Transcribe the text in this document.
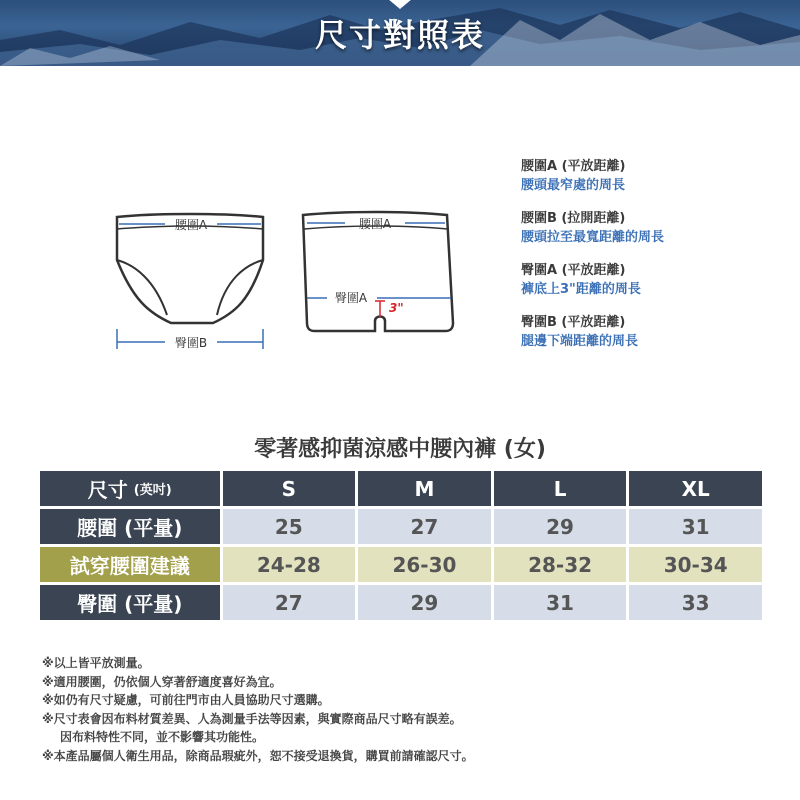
尺寸對照表
腰圍A
臀圍B
腰圍A
臀圍A
3"
腰圍A (平放距離)
腰頭最窄處的周長
腰圍B (拉開距離)
腰頭拉至最寬距離的周長
臀圍A (平放距離)
褲底上3"距離的周長
臀圍B (平放距離)
腿邊下端距離的周長
零著感抑菌涼感中腰內褲 (女)
尺寸 (英吋)	S	M	L	XL
腰圍 (平量)	25	27	29	31
試穿腰圍建議	24-28	26-30	28-32	30-34
臀圍 (平量)	27	29	31	33
※以上皆平放測量。
※適用腰圍，仍依個人穿著舒適度喜好為宜。
※如仍有尺寸疑慮，可前往門市由人員協助尺寸選購。
※尺寸表會因布料材質差異、人為測量手法等因素，與實際商品尺寸略有誤差。
因布料特性不同，並不影響其功能性。
※本產品屬個人衛生用品，除商品瑕疵外，恕不接受退換貨，購買前請確認尺寸。
